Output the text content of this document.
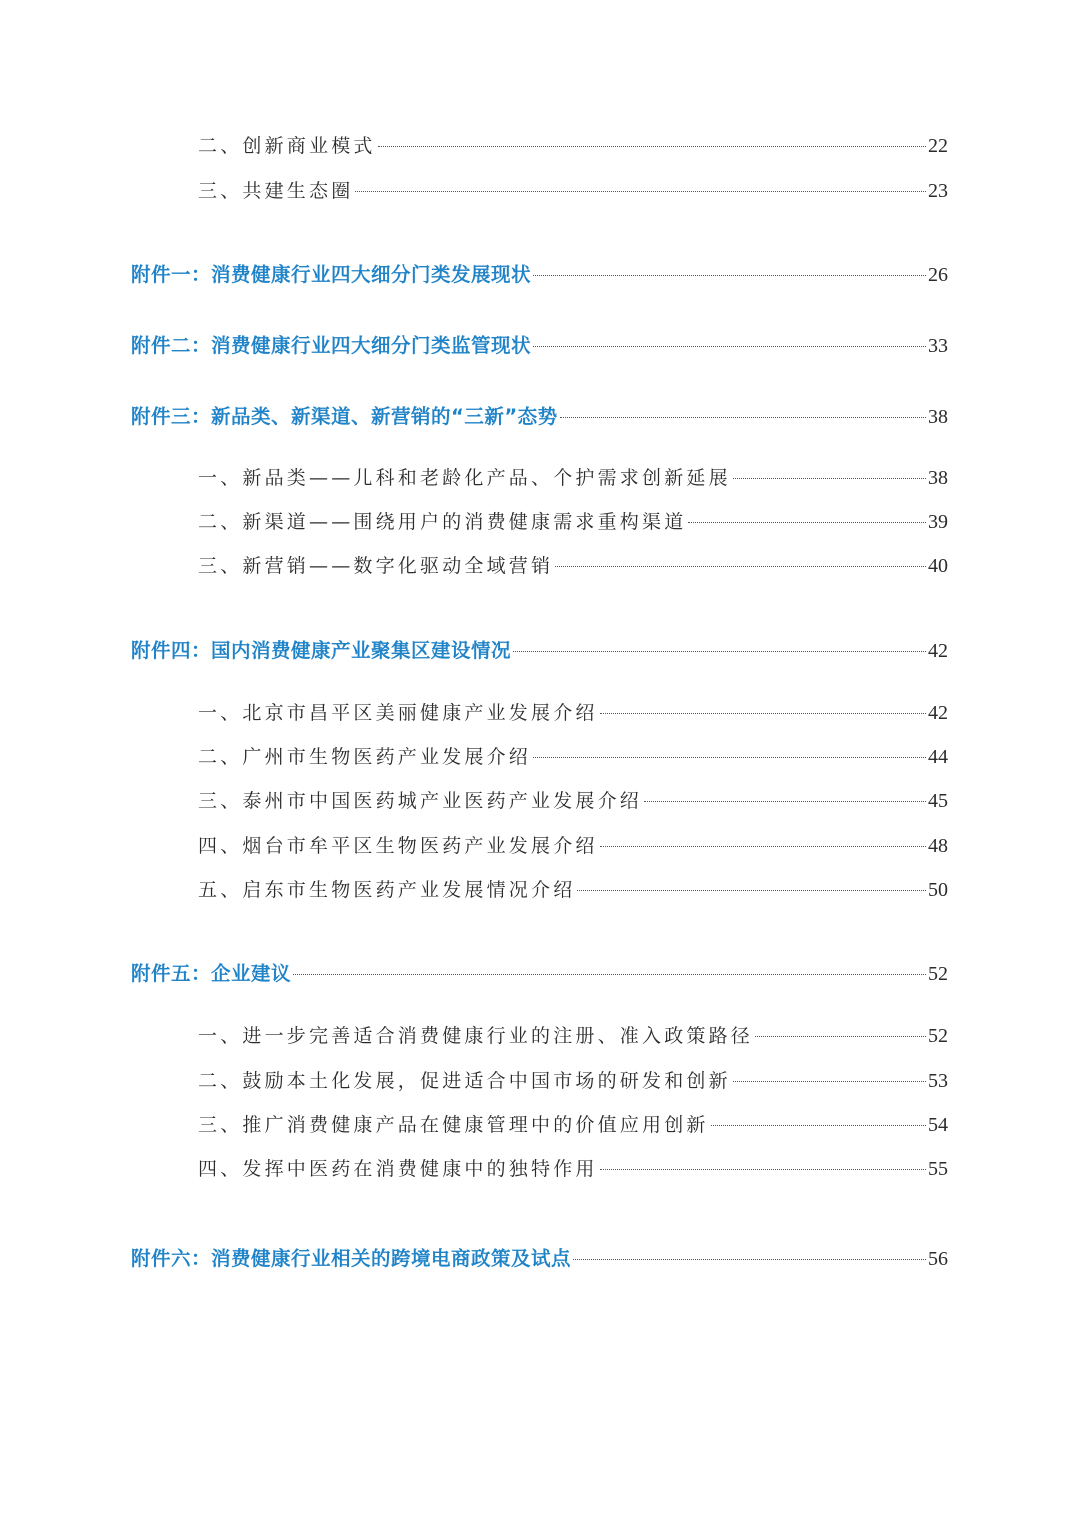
二、创新商业模式	22
三、共建生态圈	23
附件一：消费健康行业四大细分门类发展现状	26
附件二：消费健康行业四大细分门类监管现状	33
附件三：新品类、新渠道、新营销的“三新”态势	38
一、新品类——儿科和老龄化产品、个护需求创新延展	38
二、新渠道——围绕用户的消费健康需求重构渠道	39
三、新营销——数字化驱动全域营销	40
附件四：国内消费健康产业聚集区建设情况	42
一、北京市昌平区美丽健康产业发展介绍	42
二、广州市生物医药产业发展介绍	44
三、泰州市中国医药城产业医药产业发展介绍	45
四、烟台市牟平区生物医药产业发展介绍	48
五、启东市生物医药产业发展情况介绍	50
附件五：企业建议	52
一、进一步完善适合消费健康行业的注册、准入政策路径	52
二、鼓励本土化发展，促进适合中国市场的研发和创新	53
三、推广消费健康产品在健康管理中的价值应用创新	54
四、发挥中医药在消费健康中的独特作用	55
附件六：消费健康行业相关的跨境电商政策及试点	56
